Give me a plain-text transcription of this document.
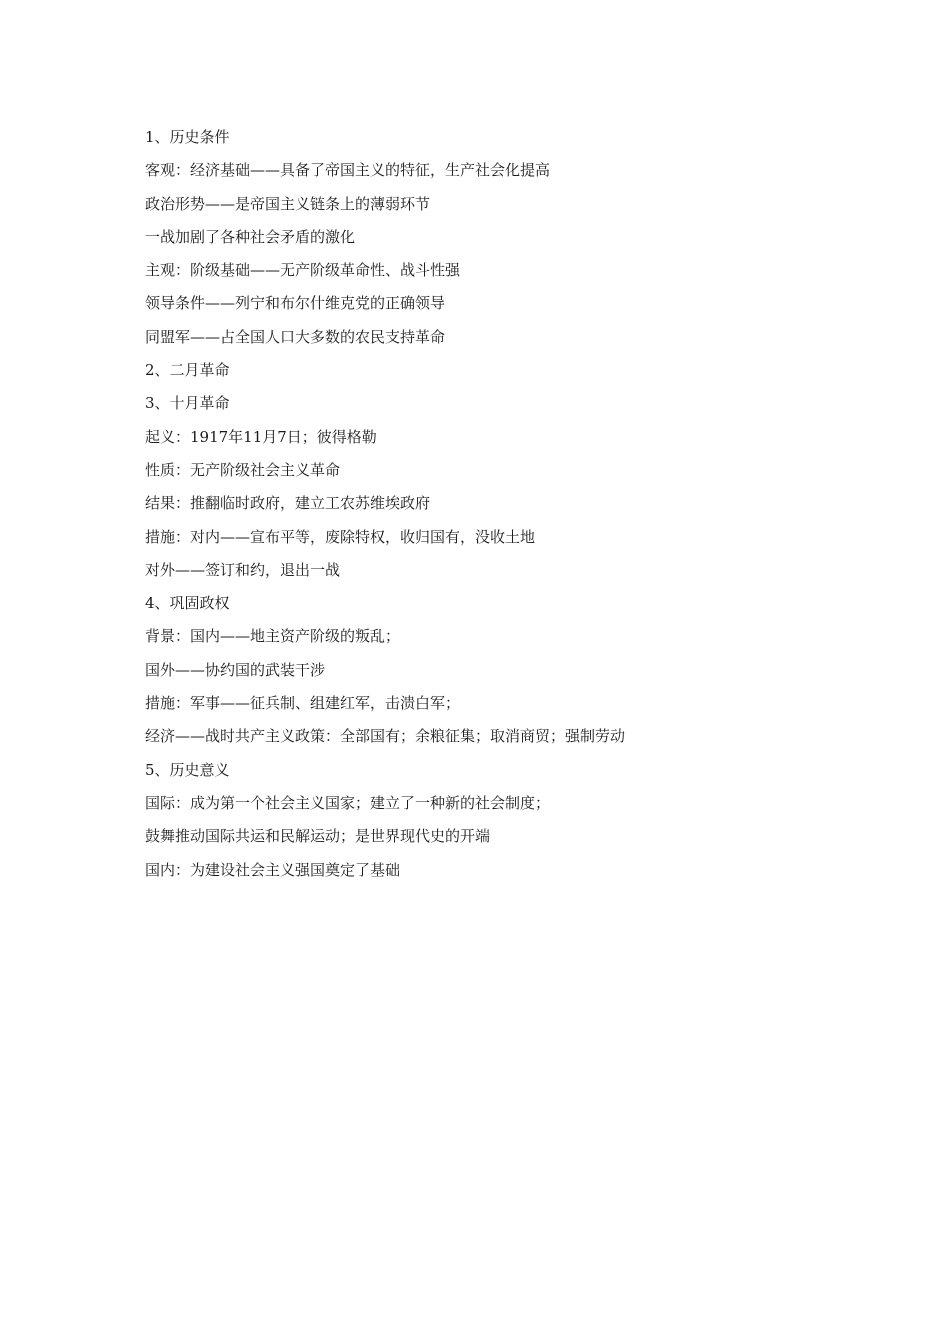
1、历史条件
客观：经济基础——具备了帝国主义的特征，生产社会化提高
政治形势——是帝国主义链条上的薄弱环节
一战加剧了各种社会矛盾的激化
主观：阶级基础——无产阶级革命性、战斗性强
领导条件——列宁和布尔什维克党的正确领导
同盟军——占全国人口大多数的农民支持革命
2、二月革命
3、十月革命
起义：1917年11月7日；彼得格勒
性质：无产阶级社会主义革命
结果：推翻临时政府，建立工农苏维埃政府
措施：对内——宣布平等，废除特权，收归国有，没收土地
对外——签订和约，退出一战
4、巩固政权
背景：国内——地主资产阶级的叛乱；
国外——协约国的武装干涉
措施：军事——征兵制、组建红军，击溃白军；
经济——战时共产主义政策：全部国有；余粮征集；取消商贸；强制劳动
5、历史意义
国际：成为第一个社会主义国家；建立了一种新的社会制度；
鼓舞推动国际共运和民解运动；是世界现代史的开端
国内：为建设社会主义强国奠定了基础
